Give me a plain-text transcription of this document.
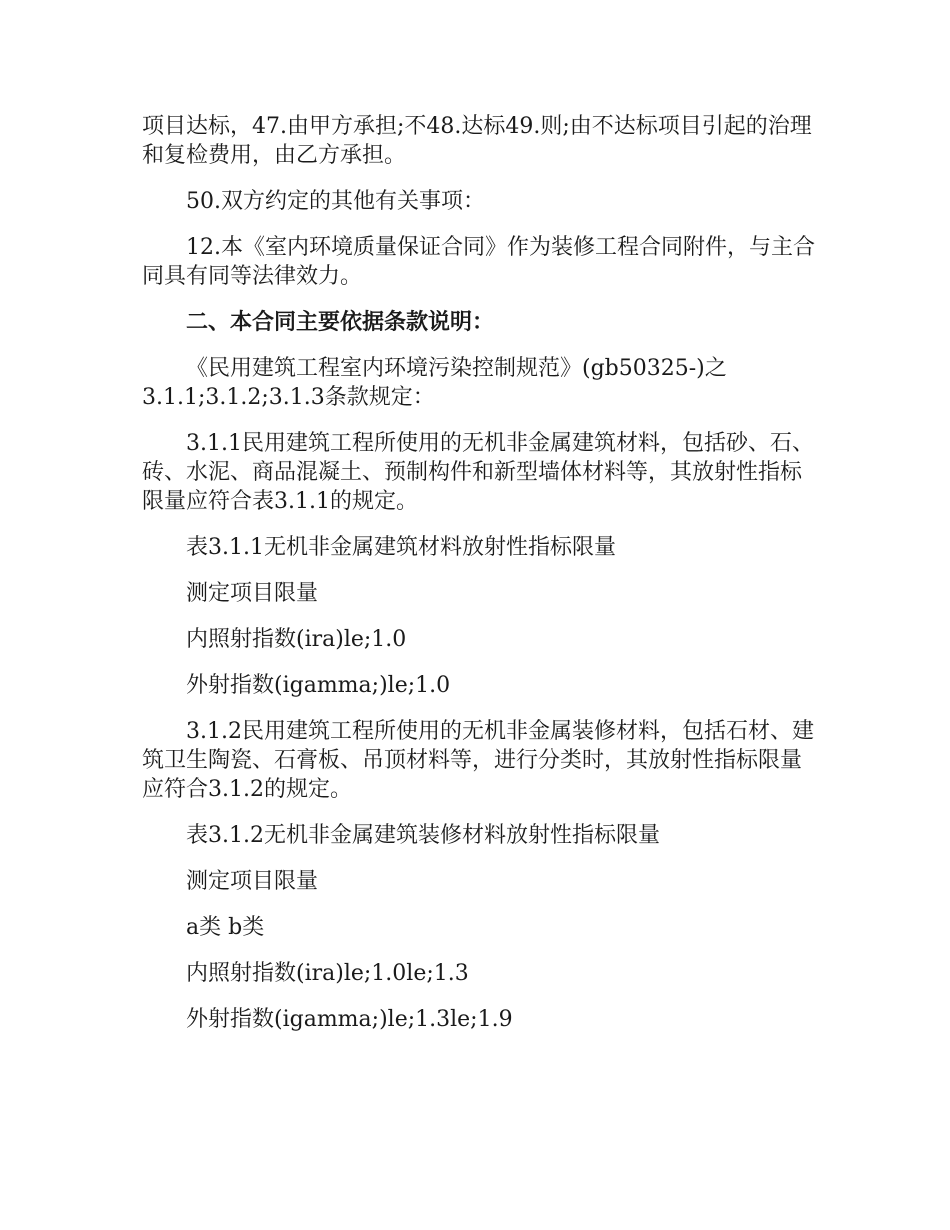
项目达标，47.由甲方承担;不48.达标49.则;由不达标项目引起的治理和复检费用，由乙方承担。

50.双方约定的其他有关事项：

12.本《室内环境质量保证合同》作为装修工程合同附件，与主合同具有同等法律效力。

二、本合同主要依据条款说明：

《民用建筑工程室内环境污染控制规范》(gb50325-)之3.1.1;3.1.2;3.1.3条款规定：

3.1.1民用建筑工程所使用的无机非金属建筑材料，包括砂、石、砖、水泥、商品混凝土、预制构件和新型墙体材料等，其放射性指标限量应符合表3.1.1的规定。

表3.1.1无机非金属建筑材料放射性指标限量

测定项目限量

内照射指数(ira)le;1.0

外射指数(igamma;)le;1.0

3.1.2民用建筑工程所使用的无机非金属装修材料，包括石材、建筑卫生陶瓷、石膏板、吊顶材料等，进行分类时，其放射性指标限量应符合3.1.2的规定。

表3.1.2无机非金属建筑装修材料放射性指标限量

测定项目限量

a类 b类

内照射指数(ira)le;1.0le;1.3

外射指数(igamma;)le;1.3le;1.9
